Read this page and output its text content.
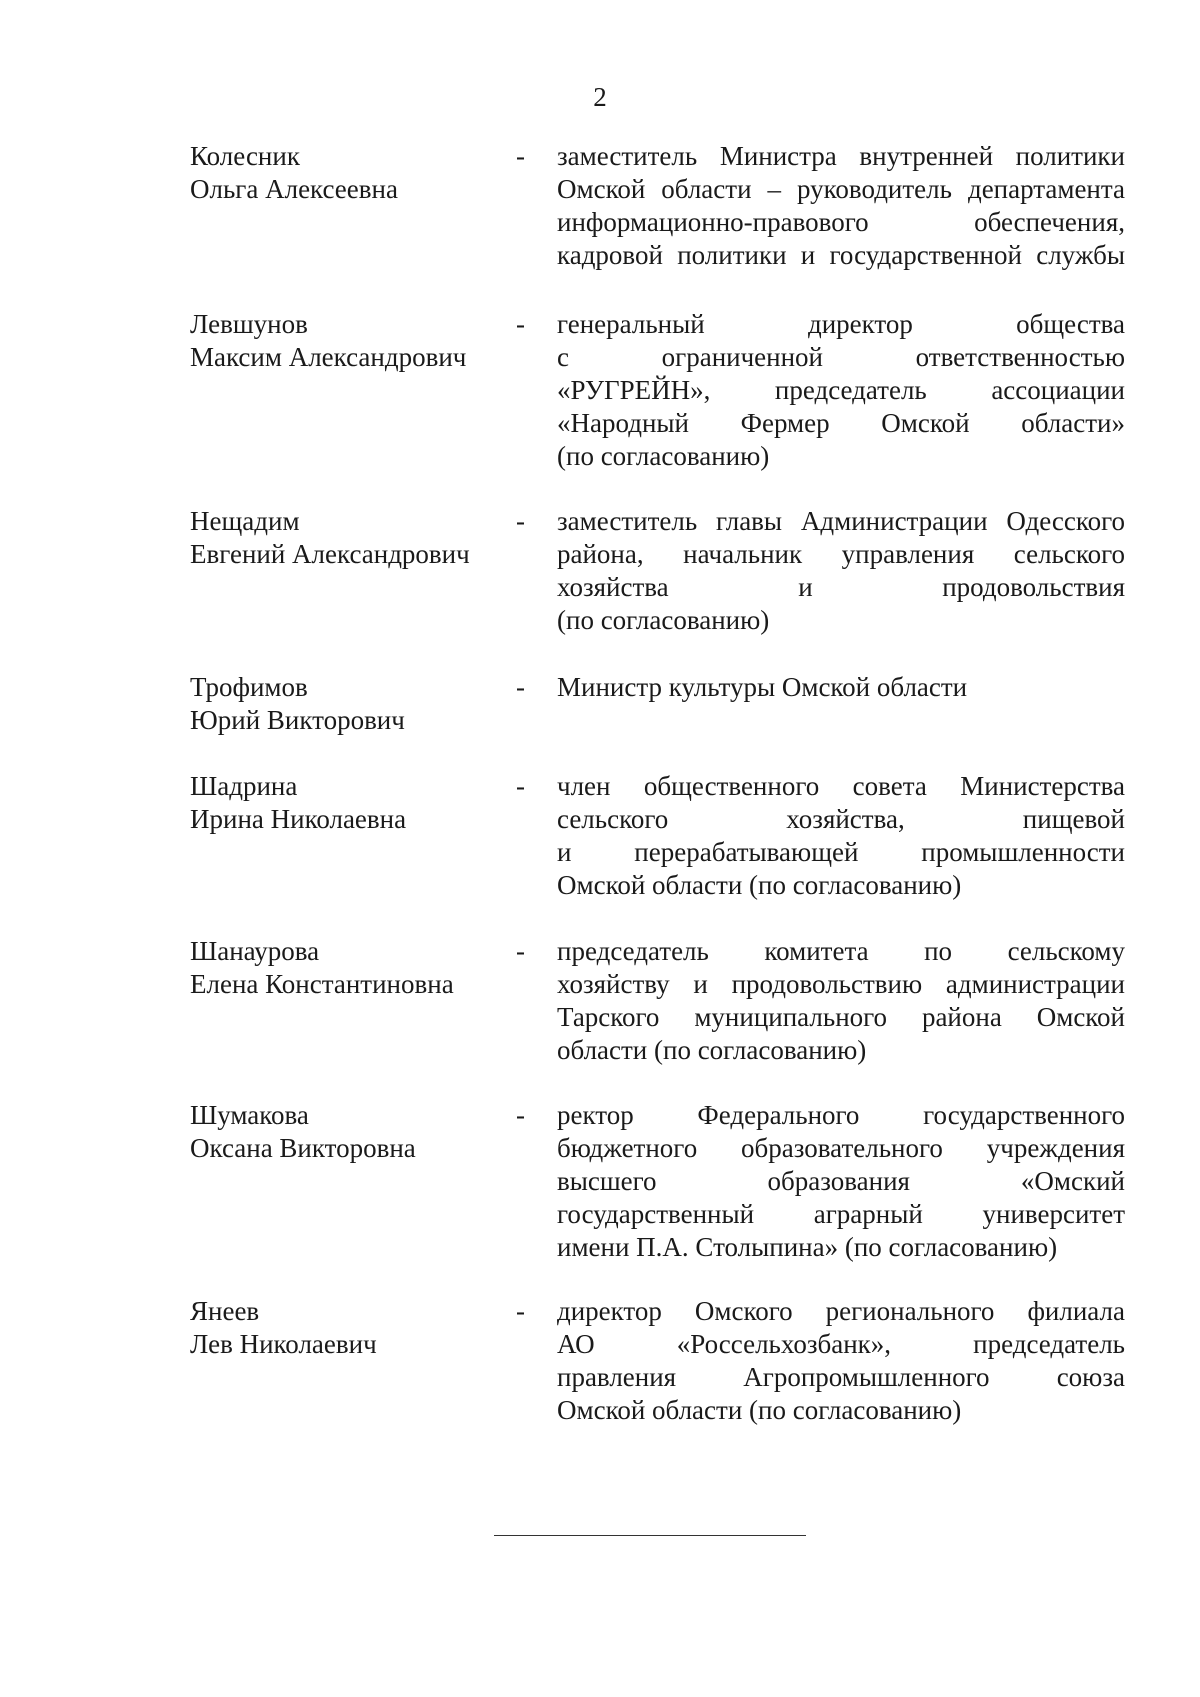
2
Колесник
Ольга Алексеевна
- заместитель Министра внутренней политики
Омской области – руководитель департамента
информационно-правового обеспечения,
кадровой политики и государственной службы
Левшунов
Максим Александрович
- генеральный директор общества
с ограниченной ответственностью
«РУГРЕЙН», председатель ассоциации
«Народный Фермер Омской области»
(по согласованию)
Нещадим
Евгений Александрович
- заместитель главы Администрации Одесского
района, начальник управления сельского
хозяйства и продовольствия
(по согласованию)
Трофимов
Юрий Викторович
- Министр культуры Омской области
Шадрина
Ирина Николаевна
- член общественного совета Министерства
сельского хозяйства, пищевой
и перерабатывающей промышленности
Омской области (по согласованию)
Шанаурова
Елена Константиновна
- председатель комитета по сельскому
хозяйству и продовольствию администрации
Тарского муниципального района Омской
области (по согласованию)
Шумакова
Оксана Викторовна
- ректор Федерального государственного
бюджетного образовательного учреждения
высшего образования «Омский
государственный аграрный университет
имени П.А. Столыпина» (по согласованию)
Янеев
Лев Николаевич
- директор Омского регионального филиала
АО «Россельхозбанк», председатель
правления Агропромышленного союза
Омской области (по согласованию)
